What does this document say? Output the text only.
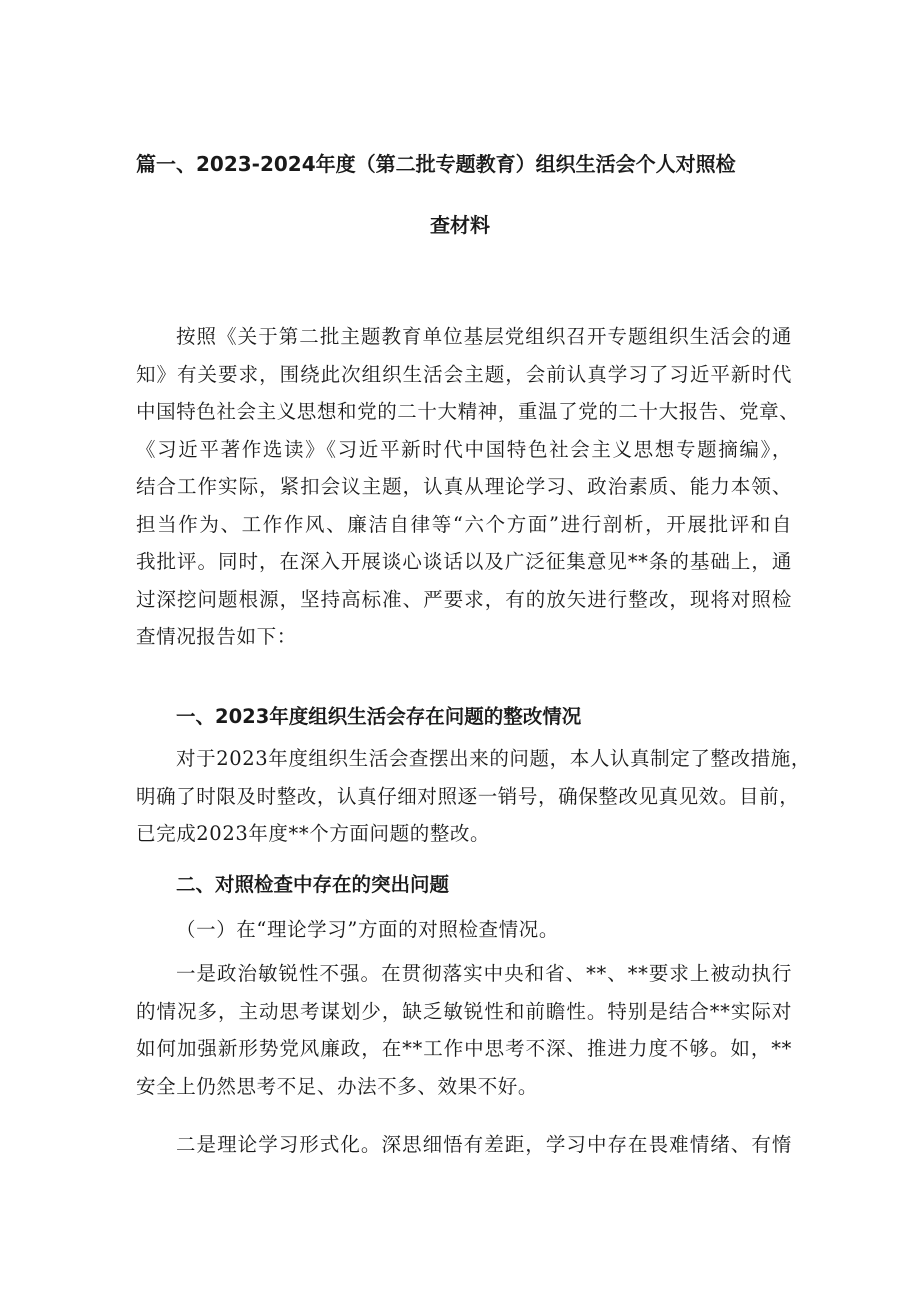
篇一、2023-2024年度（第二批专题教育）组织生活会个人对照检
查材料
按照《关于第二批主题教育单位基层党组织召开专题组织生活会的通
知》有关要求，围绕此次组织生活会主题，会前认真学习了习近平新时代
中国特色社会主义思想和党的二十大精神，重温了党的二十大报告、党章、
《习近平著作选读》《习近平新时代中国特色社会主义思想专题摘编》，
结合工作实际，紧扣会议主题，认真从理论学习、政治素质、能力本领、
担当作为、工作作风、廉洁自律等“六个方面”进行剖析，开展批评和自
我批评。同时，在深入开展谈心谈话以及广泛征集意见**条的基础上，通
过深挖问题根源，坚持高标准、严要求，有的放矢进行整改，现将对照检
查情况报告如下：
一、2023年度组织生活会存在问题的整改情况
对于2023年度组织生活会查摆出来的问题，本人认真制定了整改措施，
明确了时限及时整改，认真仔细对照逐一销号，确保整改见真见效。目前，
已完成2023年度**个方面问题的整改。
二、对照检查中存在的突出问题
（一）在“理论学习”方面的对照检查情况。
一是政治敏锐性不强。在贯彻落实中央和省、**、**要求上被动执行
的情况多，主动思考谋划少，缺乏敏锐性和前瞻性。特别是结合**实际对
如何加强新形势党风廉政，在**工作中思考不深、推进力度不够。如，**
安全上仍然思考不足、办法不多、效果不好。
二是理论学习形式化。深思细悟有差距，学习中存在畏难情绪、有惰
